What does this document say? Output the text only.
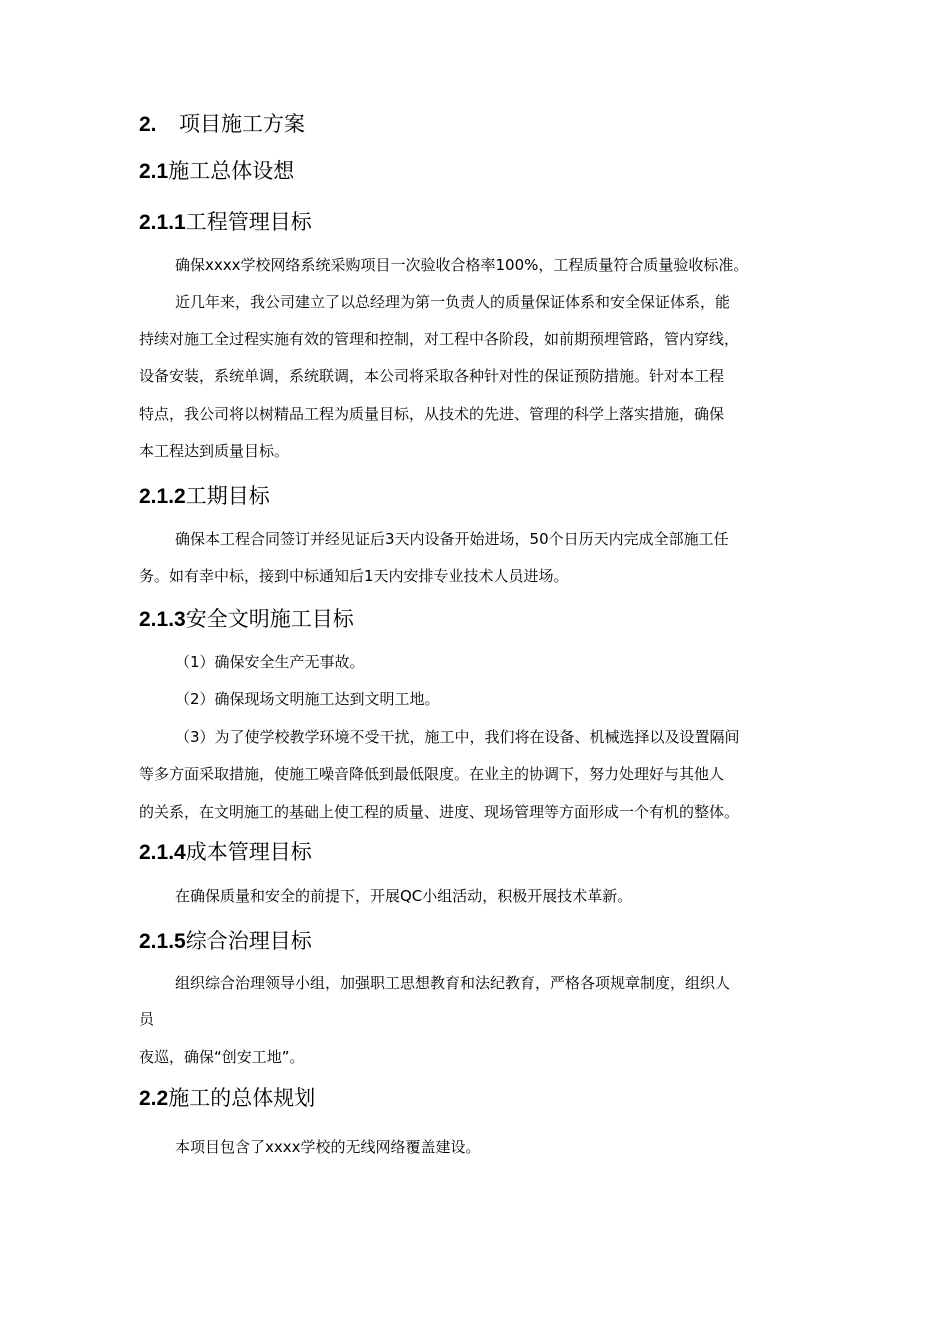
2. 项目施工方案
2.1施工总体设想
2.1.1工程管理目标
确保xxxx学校网络系统采购项目一次验收合格率100%，工程质量符合质量验收标准。
近几年来，我公司建立了以总经理为第一负责人的质量保证体系和安全保证体系，能
持续对施工全过程实施有效的管理和控制，对工程中各阶段，如前期预埋管路，管内穿线，
设备安装，系统单调，系统联调，本公司将采取各种针对性的保证预防措施。针对本工程
特点，我公司将以树精品工程为质量目标，从技术的先进、管理的科学上落实措施，确保
本工程达到质量目标。
2.1.2工期目标
确保本工程合同签订并经见证后3天内设备开始进场，50个日历天内完成全部施工任
务。如有幸中标，接到中标通知后1天内安排专业技术人员进场。
2.1.3安全文明施工目标
（1）确保安全生产无事故。
（2）确保现场文明施工达到文明工地。
（3）为了使学校教学环境不受干扰，施工中，我们将在设备、机械选择以及设置隔间
等多方面采取措施，使施工噪音降低到最低限度。在业主的协调下，努力处理好与其他人
的关系，在文明施工的基础上使工程的质量、进度、现场管理等方面形成一个有机的整体。
2.1.4成本管理目标
在确保质量和安全的前提下，开展QC小组活动，积极开展技术革新。
2.1.5综合治理目标
组织综合治理领导小组，加强职工思想教育和法纪教育，严格各项规章制度，组织人
员
夜巡，确保“创安工地”。
2.2施工的总体规划
本项目包含了xxxx学校的无线网络覆盖建设。
